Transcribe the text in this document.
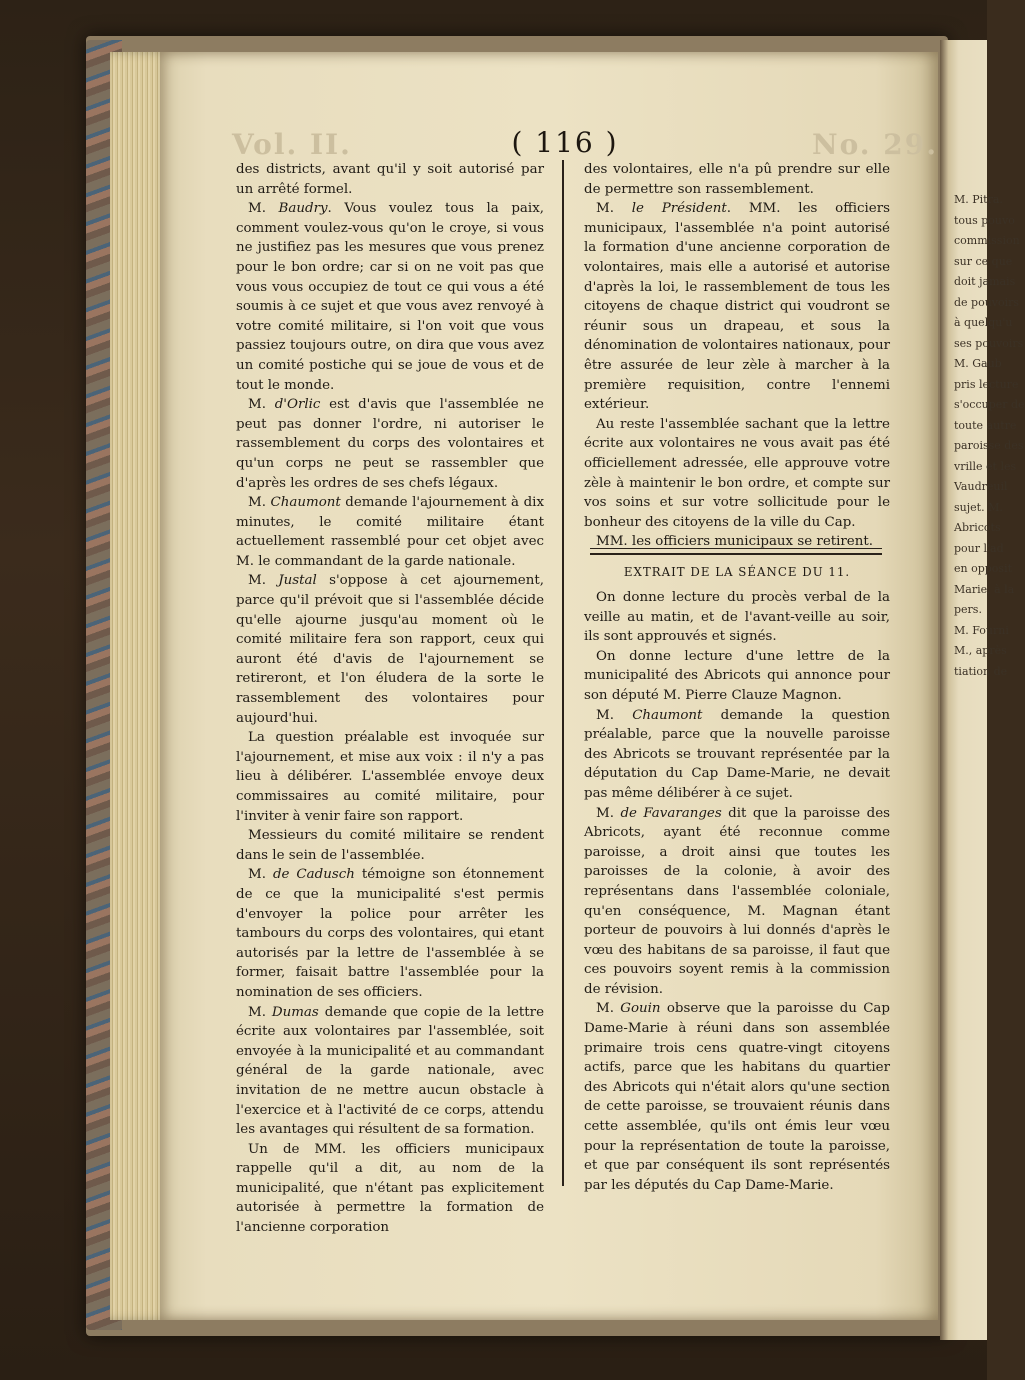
M. Pitra.
tous pouvo
commission
sur ce que
doit jamais
de pouvoirs
à quelqu'u
ses pouvoirs
M. Gaub
pris lecture
s'occuper de
toute autre
paroisse des
vrille et les
Vaudreuil
sujet. M.
Abricots
pour l'ad
en opposit
Marie, à la
pers.
M. Fourni
M., après
tiation de
Vol. II.	No. 29.
( 116 )

des districts, avant qu'il y soit autorisé par un arrêté formel.

M. Baudry. Vous voulez tous la paix, comment voulez-vous qu'on le croye, si vous ne justifiez pas les mesures que vous prenez pour le bon ordre; car si on ne voit pas que vous vous occupiez de tout ce qui vous a été soumis à ce sujet et que vous avez renvoyé à votre comité militaire, si l'on voit que vous passiez toujours outre, on dira que vous avez un comité postiche qui se joue de vous et de tout le monde.

M. d'Orlic est d'avis que l'assemblée ne peut pas donner l'ordre, ni autoriser le rassemblement du corps des volontaires et qu'un corps ne peut se rassembler que d'après les ordres de ses chefs légaux.

M. Chaumont demande l'ajournement à dix minutes, le comité militaire étant actuellement rassemblé pour cet objet avec M. le commandant de la garde nationale.

M. Justal s'oppose à cet ajournement, parce qu'il prévoit que si l'assemblée décide qu'elle ajourne jusqu'au moment où le comité militaire fera son rapport, ceux qui auront été d'avis de l'ajournement se retireront, et l'on éludera de la sorte le rassemblement des volontaires pour aujourd'hui.

La question préalable est invoquée sur l'ajournement, et mise aux voix : il n'y a pas lieu à délibérer. L'assemblée envoye deux commissaires au comité militaire, pour l'inviter à venir faire son rapport.

Messieurs du comité militaire se rendent dans le sein de l'assemblée.

M. de Cadusch témoigne son étonnement de ce que la municipalité s'est permis d'envoyer la police pour arrêter les tambours du corps des volontaires, qui etant autorisés par la lettre de l'assemblée à se former, faisait battre l'assemblée pour la nomination de ses officiers.

M. Dumas demande que copie de la lettre écrite aux volontaires par l'assemblée, soit envoyée à la municipalité et au commandant général de la garde nationale, avec invitation de ne mettre aucun obstacle à l'exercice et à l'activité de ce corps, attendu les avantages qui résultent de sa formation.

Un de MM. les officiers municipaux rappelle qu'il a dit, au nom de la municipalité, que n'étant pas explicitement autorisée à permettre la formation de l'ancienne corporation

des volontaires, elle n'a pû prendre sur elle de permettre son rassemblement.

M. le Président. MM. les officiers municipaux, l'assemblée n'a point autorisé la formation d'une ancienne corporation de volontaires, mais elle a autorisé et autorise d'après la loi, le rassemblement de tous les citoyens de chaque district qui voudront se réunir sous un drapeau, et sous la dénomination de volontaires nationaux, pour être assurée de leur zèle à marcher à la première requisition, contre l'ennemi extérieur.

Au reste l'assemblée sachant que la lettre écrite aux volontaires ne vous avait pas été officiellement adressée, elle approuve votre zèle à maintenir le bon ordre, et compte sur vos soins et sur votre sollicitude pour le bonheur des citoyens de la ville du Cap.

MM. les officiers municipaux se retirent.

EXTRAIT DE LA SÉANCE DU 11.

On donne lecture du procès verbal de la veille au matin, et de l'avant-veille au soir, ils sont approuvés et signés.

On donne lecture d'une lettre de la municipalité des Abricots qui annonce pour son député M. Pierre Clauze Magnon.

M. Chaumont demande la question préalable, parce que la nouvelle paroisse des Abricots se trouvant représentée par la députation du Cap Dame-Marie, ne devait pas même délibérer à ce sujet.

M. de Favaranges dit que la paroisse des Abricots, ayant été reconnue comme paroisse, a droit ainsi que toutes les paroisses de la colonie, à avoir des représentans dans l'assemblée coloniale, qu'en conséquence, M. Magnan étant porteur de pouvoirs à lui donnés d'après le vœu des habitans de sa paroisse, il faut que ces pouvoirs soyent remis à la commission de révision.

M. Gouin observe que la paroisse du Cap Dame-Marie à réuni dans son assemblée primaire trois cens quatre-vingt citoyens actifs, parce que les habitans du quartier des Abricots qui n'était alors qu'une section de cette paroisse, se trouvaient réunis dans cette assemblée, qu'ils ont émis leur vœu pour la représentation de toute la paroisse, et que par conséquent ils sont représentés par les députés du Cap Dame-Marie.
